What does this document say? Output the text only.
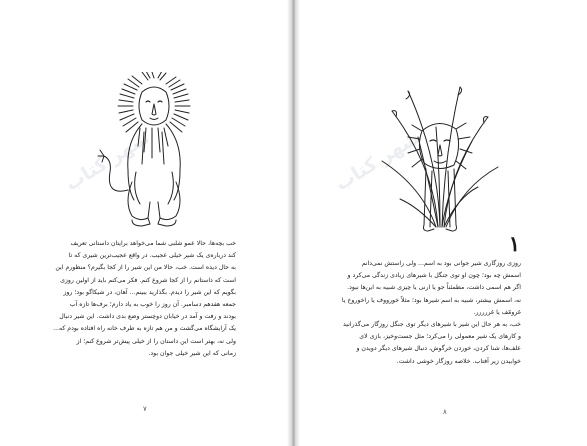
شهر کتاب	شهر کتاب

خب بچه‌ها، حالا عمو شلبی شما می‌خواهد برایتان داستانی تعریف

کند درباره‌ی یک شیر خیلی عجیب. در واقع عجیب‌ترین شیری که تا

به حال دیده است. خب، حالا من این شیر را از کجا بگیرم؟ منظورم این

است که داستانم را از کجا شروع کنم. فکر می‌کنم باید از اولین روزی

بگویم که این شیر را دیدم. بگذارید ببینم... آهان، در شیکاگو بود؛ روز

جمعه هفدهم دسامبر. آن روز را خوب به یاد دارم؛ برف‌ها تازه آب

بودند و رفت و آمد در خیابان دوچستر وضع بدی داشت. این شیر دنبال

یک آرایشگاه می‌گشت و من هم تازه به طرف خانه راه افتاده بودم که...

ولی نه، بهتر است این داستان را از خیلی پیش‌تر شروع کنم؛ از

زمانی که این شیر خیلی جوان بود.

۱

روزی روزگاری شیر جوانی بود به اسم... ولی راستش نمی‌دانم

اسمش چه بود؛ چون او توی جنگل با شیرهای زیادی زندگی می‌کرد و

اگر هم اسمی داشت، مطمئناً جو یا ارنی یا چیزی شبیه به این‌ها نبود.

نه، اسمش بیشتر، شبیه به اسم شیرها بود؛ مثلاً خورووف یا راخوروخ یا

غرومّف یا غررررر.

خب، به هر حال این شیر با شیرهای دیگر توی جنگل روزگار می‌گذرانید

و کارهای یک شیر معمولی را می‌کرد؛ مثل جست‌وخیز، بازی لای

علف‌ها، شنا کردن، خوردن خرگوش، دنبال شیرهای دیگر دویدن و

خوابیدن زیر آفتاب. خلاصه روزگار خوشی داشت.

۷	۸
